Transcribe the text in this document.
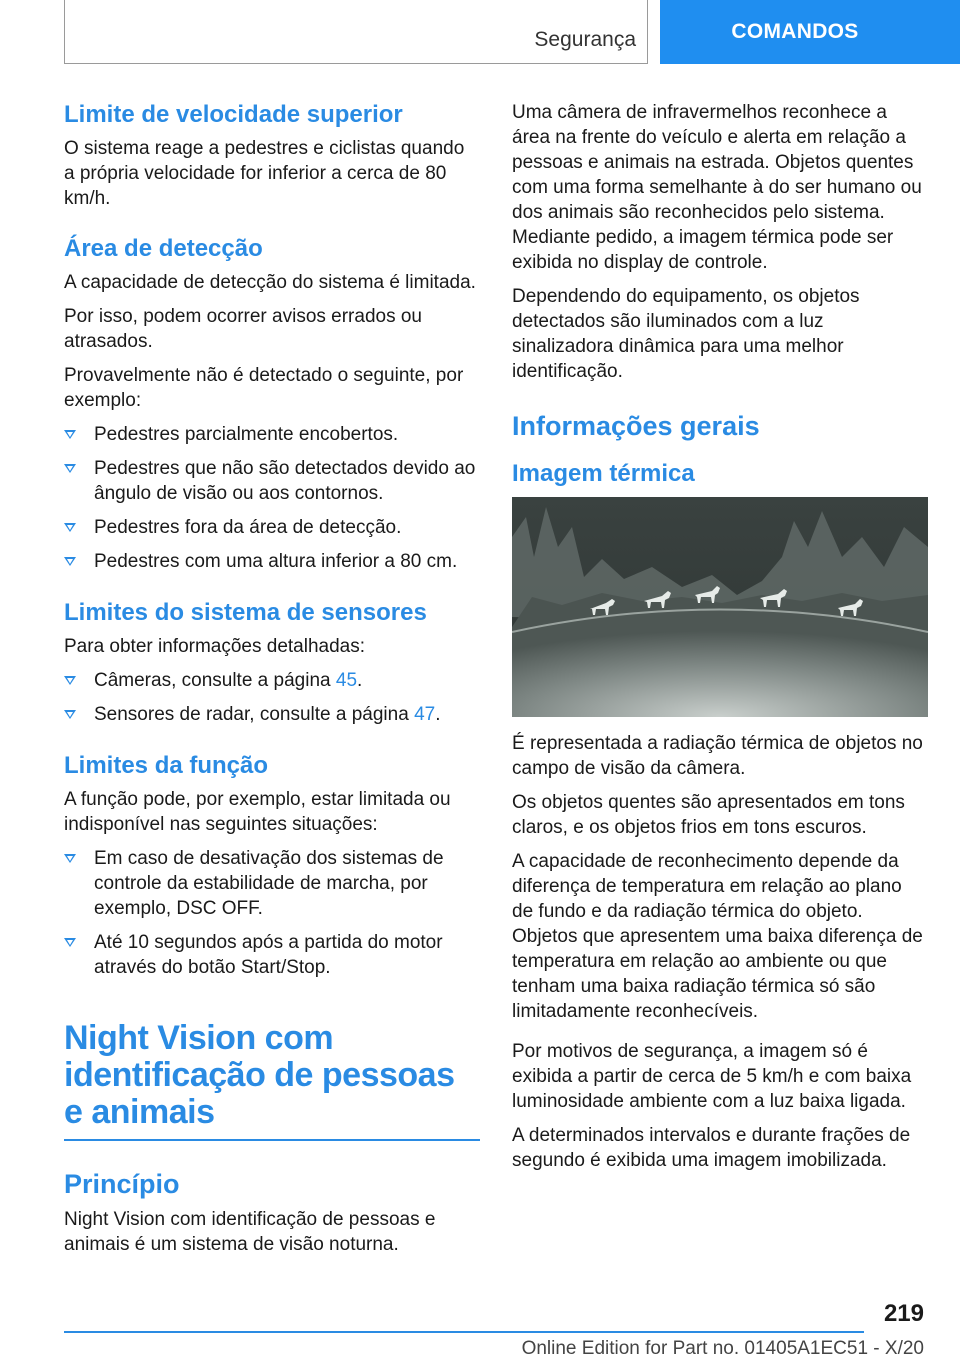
Segurança	COMANDOS
Limite de velocidade superior

O sistema reage a pedestres e ciclistas quando a própria velocidade for inferior a cerca de 80 km/h.

Área de detecção

A capacidade de detecção do sistema é limitada.

Por isso, podem ocorrer avisos errados ou atrasados.

Provavelmente não é detectado o seguinte, por exemplo:

Pedestres parcialmente encobertos.
Pedestres que não são detectados devido ao ângulo de visão ou aos contornos.
Pedestres fora da área de detecção.
Pedestres com uma altura inferior a 80 cm.
Limites do sistema de sensores

Para obter informações detalhadas:

Câmeras, consulte a página 45.
Sensores de radar, consulte a página 47.
Limites da função

A função pode, por exemplo, estar limitada ou indisponível nas seguintes situações:

Em caso de desativação dos sistemas de controle da estabilidade de marcha, por exemplo, DSC OFF.
Até 10 segundos após a partida do motor através do botão Start/Stop.
Night Vision com identificação de pessoas e animais
Princípio

Night Vision com identificação de pessoas e animais é um sistema de visão noturna.

Uma câmera de infravermelhos reconhece a área na frente do veículo e alerta em relação a pessoas e animais na estrada. Objetos quentes com uma forma semelhante à do ser humano ou dos animais são reconhecidos pelo sistema. Mediante pedido, a imagem térmica pode ser exibida no display de controle.

Dependendo do equipamento, os objetos detectados são iluminados com a luz sinalizadora dinâmica para uma melhor identificação.

Informações gerais
Imagem térmica

É representada a radiação térmica de objetos no campo de visão da câmera.

Os objetos quentes são apresentados em tons claros, e os objetos frios em tons escuros.

A capacidade de reconhecimento depende da diferença de temperatura em relação ao plano de fundo e da radiação térmica do objeto. Objetos que apresentem uma baixa diferença de temperatura em relação ao ambiente ou que tenham uma baixa radiação térmica só são limitadamente reconhecíveis.

Por motivos de segurança, a imagem só é exibida a partir de cerca de 5 km/h e com baixa luminosidade ambiente com a luz baixa ligada.

A determinados intervalos e durante frações de segundo é exibida uma imagem imobilizada.

219
Online Edition for Part no. 01405A1EC51 - X/20
